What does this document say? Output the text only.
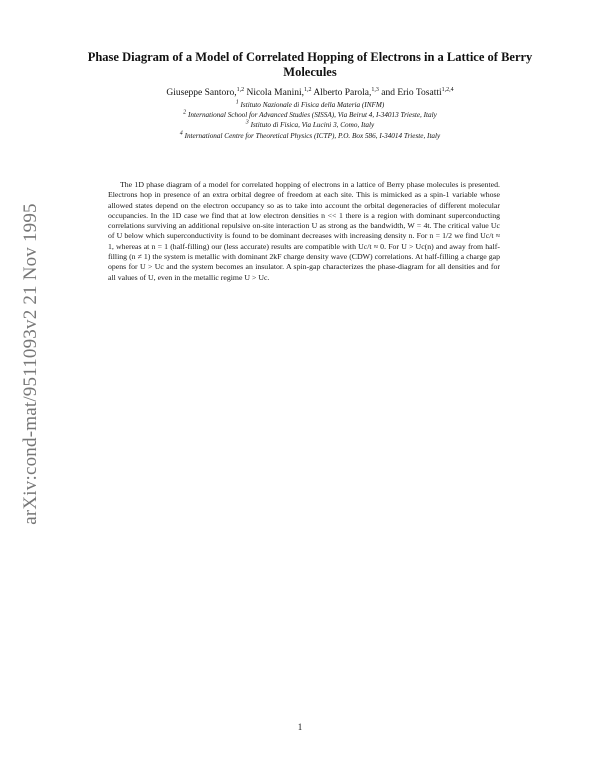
arXiv:cond-mat/9511093v2 21 Nov 1995
Phase Diagram of a Model of Correlated Hopping of Electrons in a Lattice of Berry Molecules
Giuseppe Santoro,$^{1,2}$ Nicola Manini,$^{1,2}$ Alberto Parola,$^{1,3}$ and Erio Tosatti$^{1,2,4}$
$^1$ Istituto Nazionale di Fisica della Materia (INFM)
$^2$ International School for Advanced Studies (SISSA), Via Beirut 4, I-34013 Trieste, Italy
$^3$ Istituto di Fisica, Via Lucini 3, Como, Italy
$^4$ International Centre for Theoretical Physics (ICTP), P.O. Box 586, I-34014 Trieste, Italy

The 1D phase diagram of a model for correlated hopping of electrons in a lattice of Berry phase molecules is presented. Electrons hop in presence of an extra orbital degree of freedom at each site. This is mimicked as a spin-1 variable whose allowed states depend on the electron occupancy so as to take into account the orbital degeneracies of different molecular occupancies. In the 1D case we find that at low electron densities n << 1 there is a region with dominant superconducting correlations surviving an additional repulsive on-site interaction U as strong as the bandwidth, W = 4t. The critical value Uc of U below which superconductivity is found to be dominant decreases with increasing density n. For n = 1/2 we find Uc/t ≈ 1, whereas at n = 1 (half-filling) our (less accurate) results are compatible with Uc/t ≈ 0. For U > Uc(n) and away from half-filling (n ≠ 1) the system is metallic with dominant 2kF charge density wave (CDW) correlations. At half-filling a charge gap opens for U > Uc and the system becomes an insulator. A spin-gap characterizes the phase-diagram for all densities and for all values of U, even in the metallic regime U > Uc.

1
